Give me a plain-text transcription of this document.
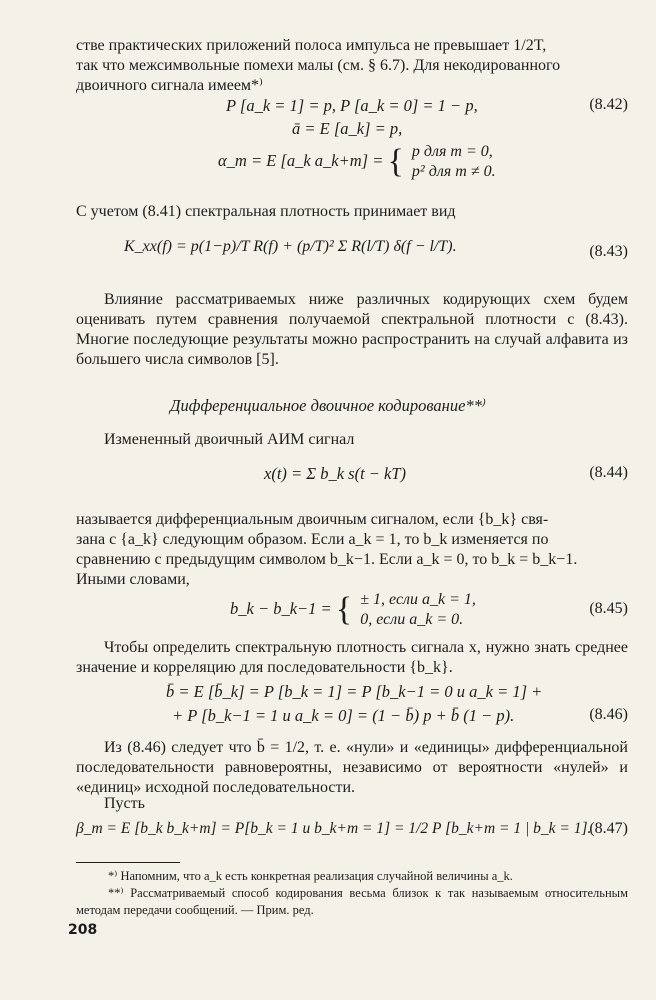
стве практических приложений полоса импульса не превышает 1/2T,

так что межсимвольные помехи малы (см. § 6.7). Для некодированного

двоичного сигнала имеем*⁾

P [a_k = 1] = p, P [a_k = 0] = 1 − p,	(8.42)
ā = E [a_k] = p,
α_m = E [a_k a_k+m] = { p для m = 0,
p² для m ≠ 0.

С учетом (8.41) спектральная плотность принимает вид

K_xx(f) = p(1−p)/T R(f) + (p/T)² Σ R(l/T) δ(f − l/T).	(8.43)

Влияние рассматриваемых ниже различных кодирующих схем будем оценивать путем сравнения получаемой спектральной плотности с (8.43). Многие последующие результаты можно распространить на случай алфавита из большего числа символов [5].

Дифференциальное двоичное кодирование**⁾

Измененный двоичный АИМ сигнал

x(t) = Σ b_k s(t − kT)	(8.44)

называется дифференциальным двоичным сигналом, если {b_k} свя-

зана с {a_k} следующим образом. Если a_k = 1, то b_k изменяется по

сравнению с предыдущим символом b_k−1. Если a_k = 0, то b_k = b_k−1.

Иными словами,

b_k − b_k−1 = { ± 1, если a_k = 1,
0, если a_k = 0.
(8.45)

Чтобы определить спектральную плотность сигнала x, нужно знать среднее значение и корреляцию для последовательности {b_k}.

b̄ = E [b̄_k] = P [b_k = 1] = P [b_k−1 = 0 и a_k = 1] +
+ P [b_k−1 = 1 и a_k = 0] = (1 − b̄) p + b̄ (1 − p).	(8.46)

Из (8.46) следует что b̄ = 1/2, т. е. «нули» и «единицы» дифференциальной последовательности равновероятны, независимо от вероятности «нулей» и «единиц» исходной последовательности.

Пусть

β_m = E [b_k b_k+m] = P[b_k = 1 и b_k+m = 1] = 1/2 P [b_k+m = 1 | b_k = 1].
(8.47)

*⁾ Напомним, что a_k есть конкретная реализация случайной величины a_k.

**⁾ Рассматриваемый способ кодирования весьма близок к так называемым относительным методам передачи сообщений. — Прим. ред.

208
